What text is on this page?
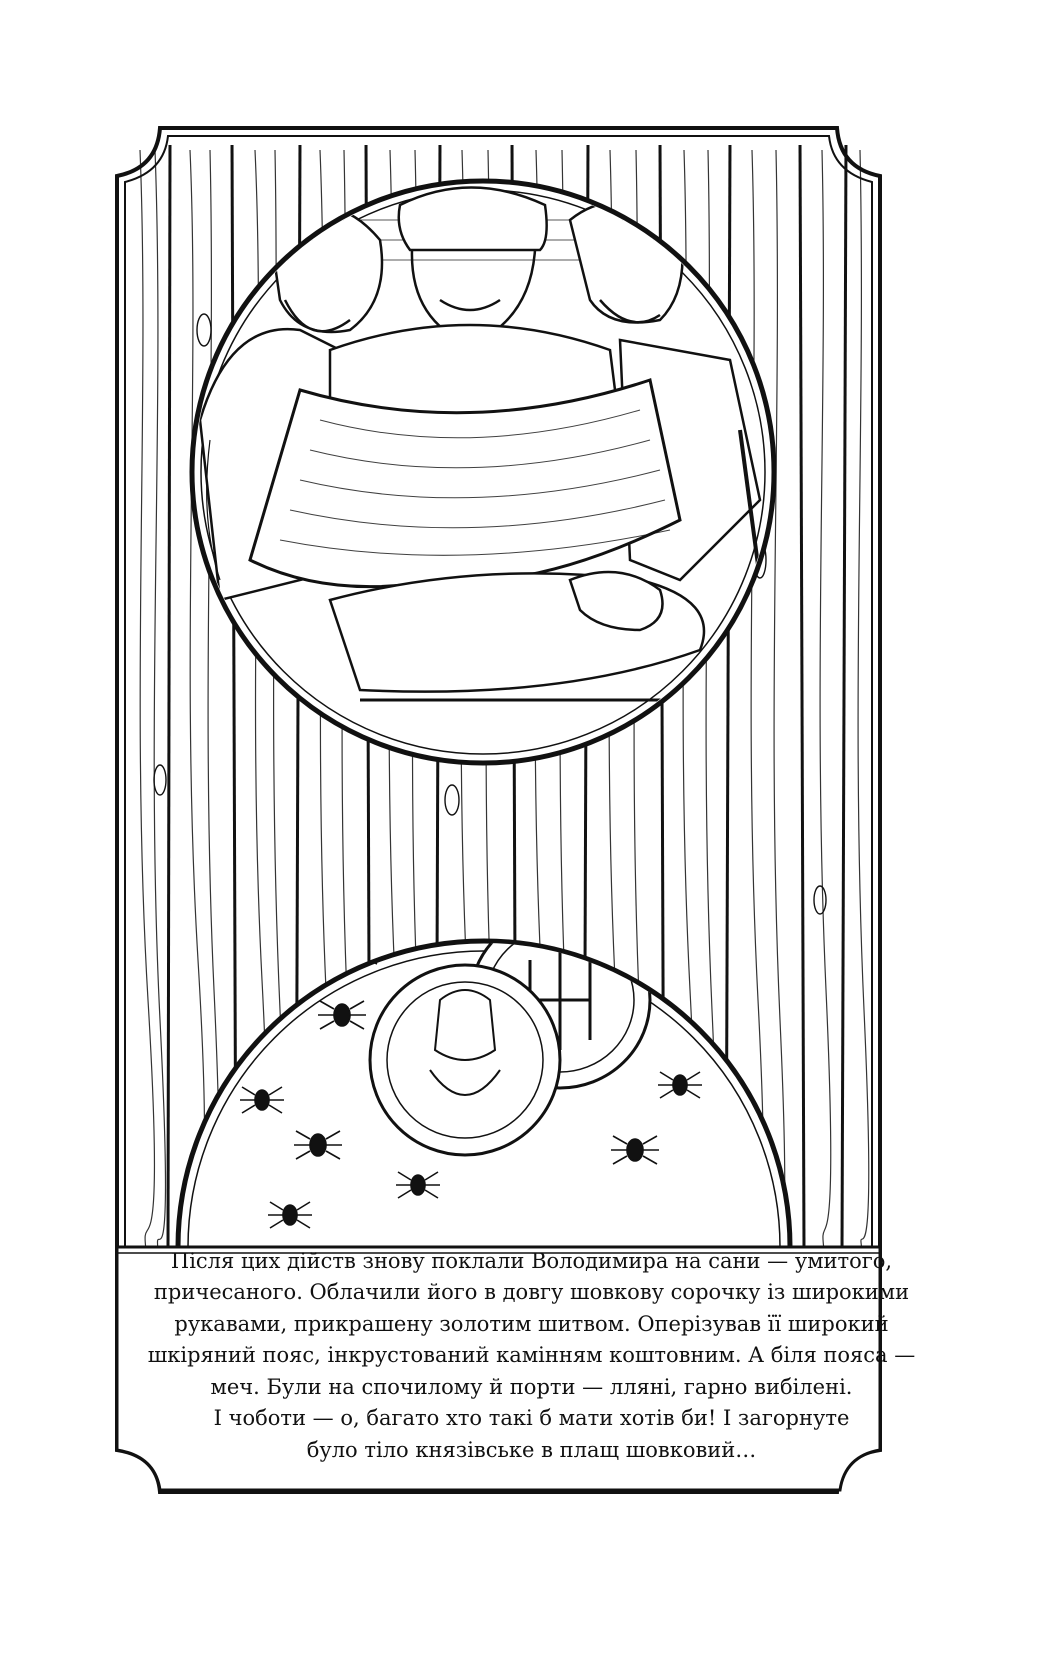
Після цих дійств знову поклали Володимира на сани — умитого,
причесаного. Облачили його в довгу шовкову сорочку із широкими
рукавами, прикрашену золотим шитвом. Оперізував її широкий
шкіряний пояс, інкрустований камінням коштовним. А біля пояса —
меч. Були на спочилому й порти — лляні, гарно вибілені.
І чоботи — о, багато хто такі б мати хотів би! І загорнуте
було тіло князівське в плащ шовковий…
